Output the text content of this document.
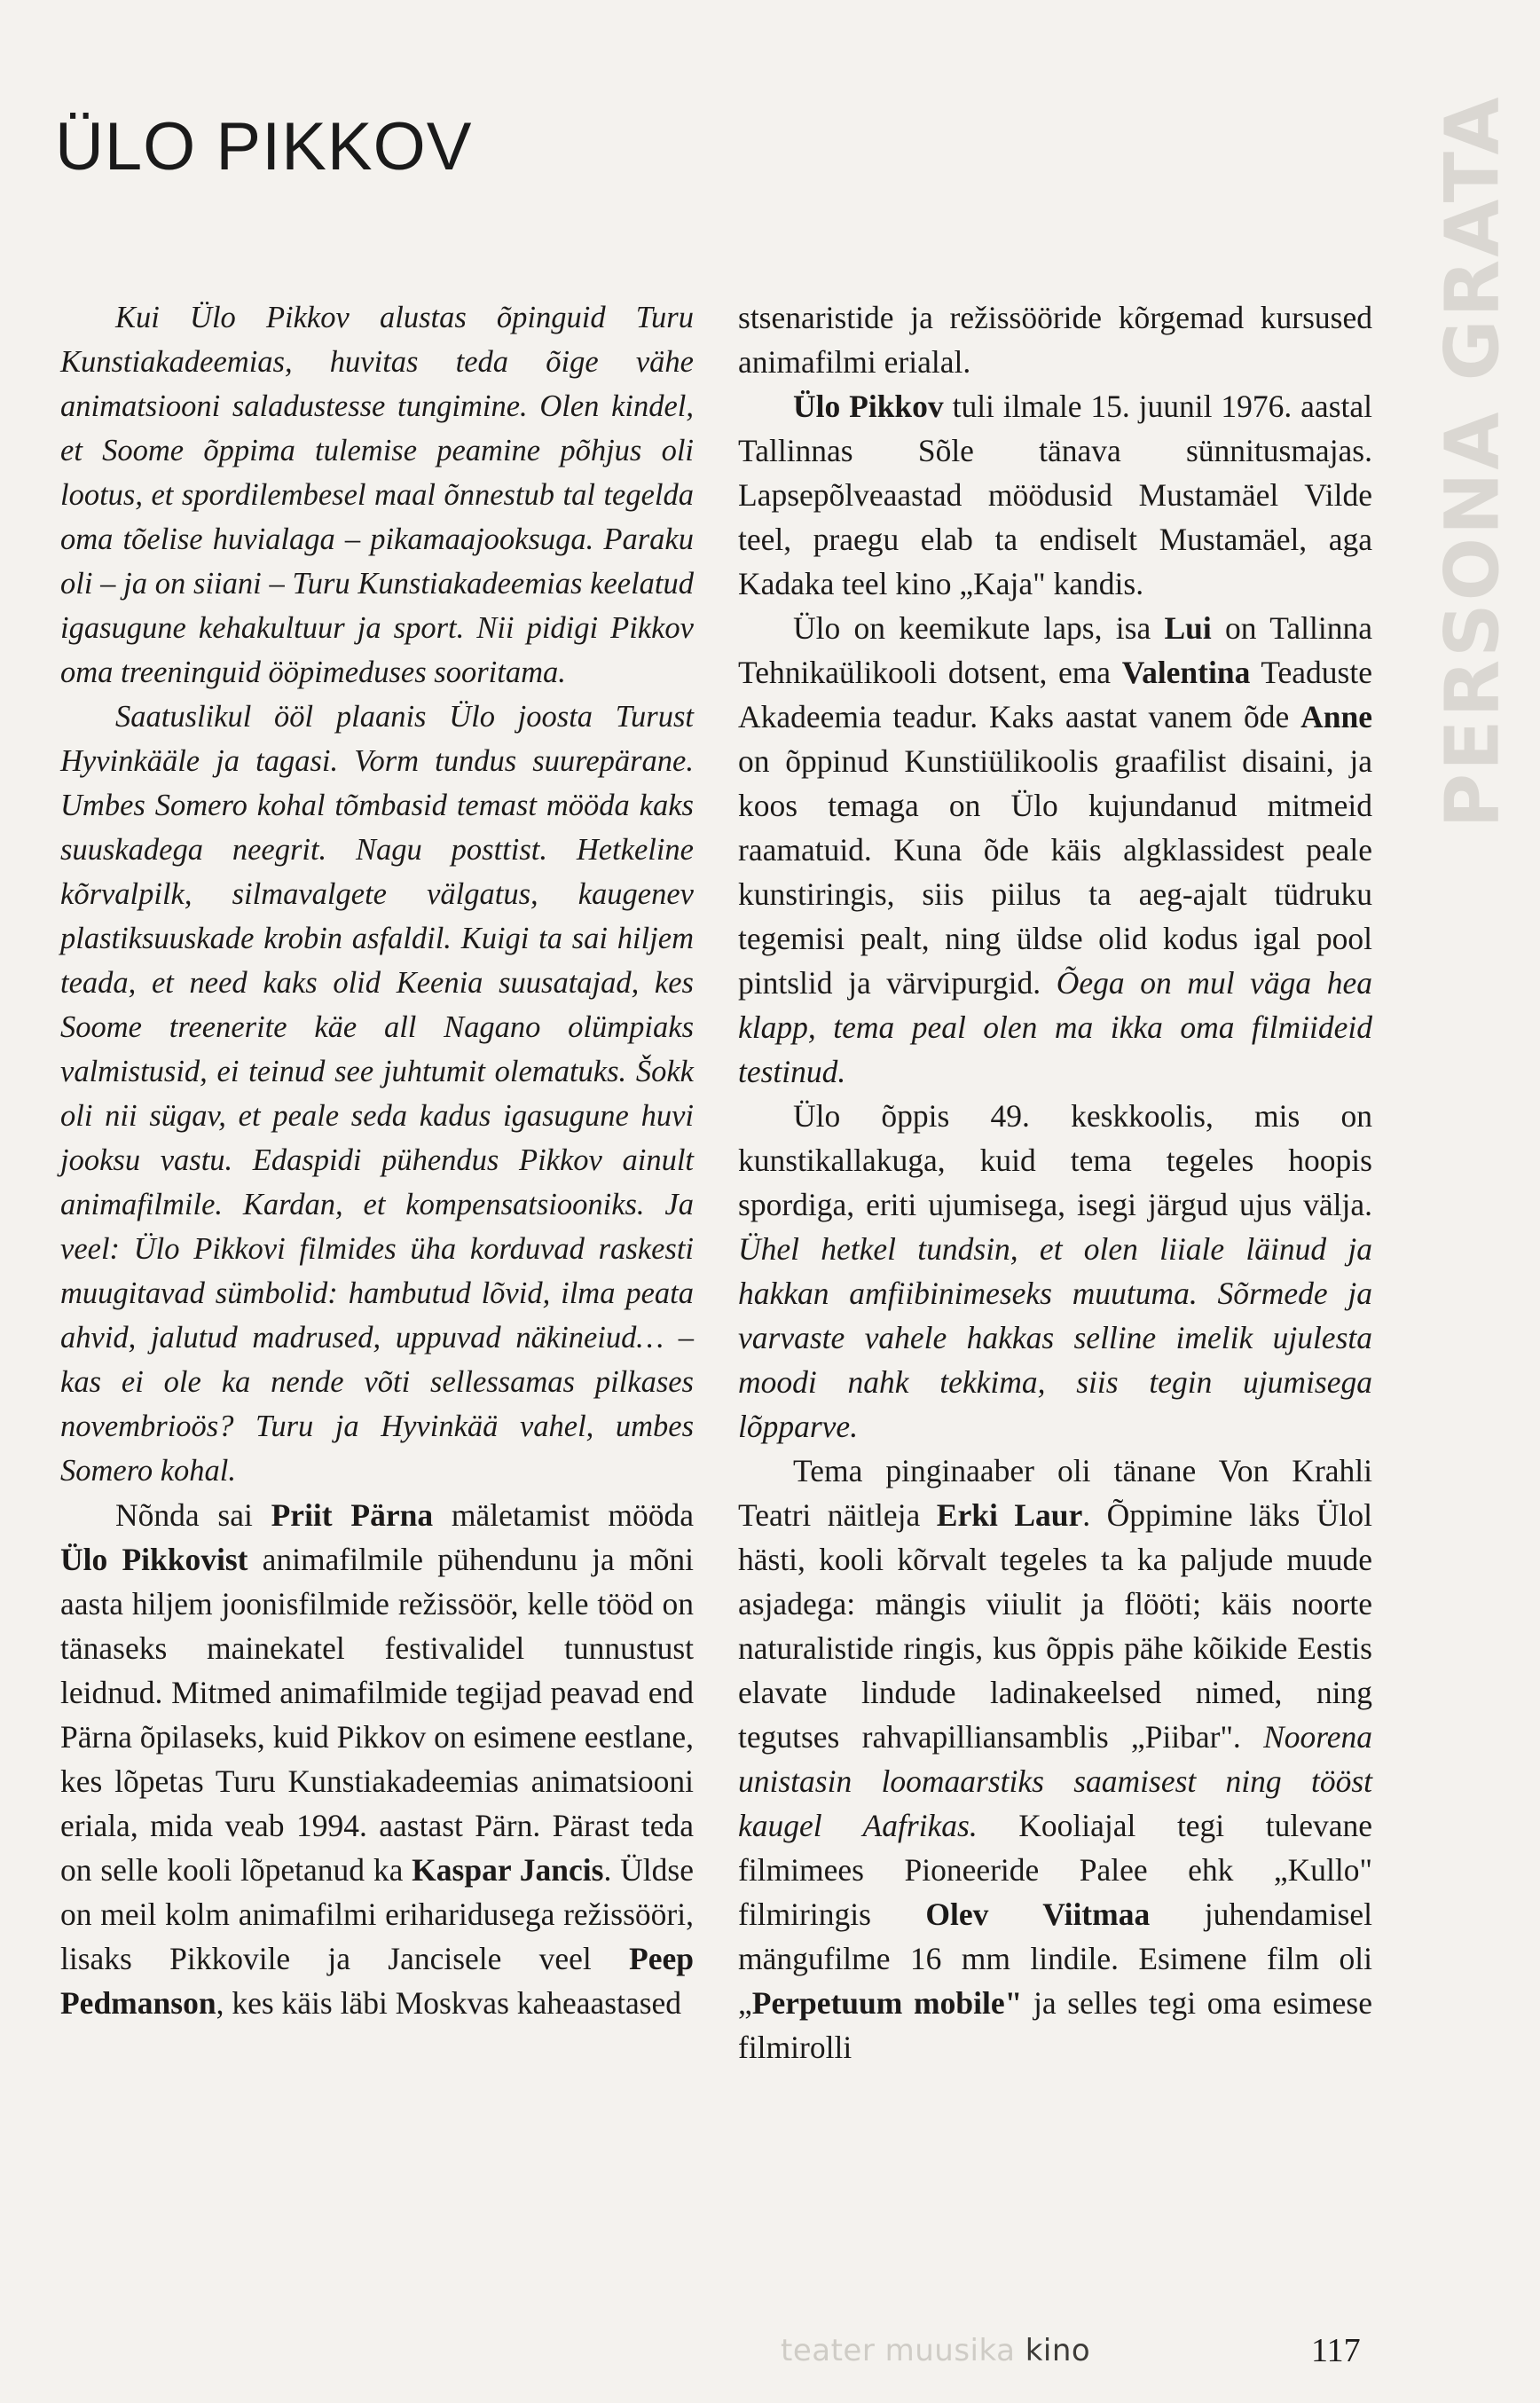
ÜLO PIKKOV	PERSONA GRATA

Kui Ülo Pikkov alustas õpinguid Turu Kunstiakadeemias, huvitas teda õige vähe animatsiooni saladustesse tungimine. Olen kindel, et Soome õppima tulemise peamine põhjus oli lootus, et spordilembesel maal õnnestub tal tegelda oma tõelise huvialaga – pikamaajooksuga. Paraku oli – ja on siiani – Turu Kunstiakadeemias keelatud igasugune kehakultuur ja sport. Nii pidigi Pikkov oma treeninguid ööpimeduses sooritama.

Saatuslikul ööl plaanis Ülo joosta Turust Hyvinkääle ja tagasi. Vorm tundus suurepärane. Umbes Somero kohal tõmbasid temast mööda kaks suuskadega neegrit. Nagu posttist. Hetkeline kõrvalpilk, silmavalgete välgatus, kaugenev plastiksuuskade krobin asfaldil. Kuigi ta sai hiljem teada, et need kaks olid Keenia suusatajad, kes Soome treenerite käe all Nagano olümpiaks valmistusid, ei teinud see juhtumit olematuks. Šokk oli nii sügav, et peale seda kadus igasugune huvi jooksu vastu. Edaspidi pühendus Pikkov ainult animafilmile. Kardan, et kompensatsiooniks. Ja veel: Ülo Pikkovi filmides üha korduvad raskesti muugitavad sümbolid: hambutud lõvid, ilma peata ahvid, jalutud madrused, uppuvad näkineiud… – kas ei ole ka nende võti sellessamas pilkases novembrioös? Turu ja Hyvinkää vahel, umbes Somero kohal.

Nõnda sai Priit Pärna mäletamist mööda Ülo Pikkovist animafilmile pühendunu ja mõni aasta hiljem joonisfilmide režissöör, kelle tööd on tänaseks mainekatel festivalidel tunnustust leidnud. Mitmed animafilmide tegijad peavad end Pärna õpilaseks, kuid Pikkov on esimene eestlane, kes lõpetas Turu Kunstiakadeemias animatsiooni eriala, mida veab 1994. aastast Pärn. Pärast teda on selle kooli lõpetanud ka Kaspar Jancis. Üldse on meil kolm animafilmi eriharidusega režissööri, lisaks Pikkovile ja Jancisele veel Peep Pedmanson, kes käis läbi Moskvas kaheaastased

stsenaristide ja režissööride kõrgemad kursused animafilmi erialal.

Ülo Pikkov tuli ilmale 15. juunil 1976. aastal Tallinnas Sõle tänava sünnitusmajas. Lapsepõlveaastad möödusid Mustamäel Vilde teel, praegu elab ta endiselt Mustamäel, aga Kadaka teel kino „Kaja" kandis.

Ülo on keemikute laps, isa Lui on Tallinna Tehnikaülikooli dotsent, ema Valentina Teaduste Akadeemia teadur. Kaks aastat vanem õde Anne on õppinud Kunstiülikoolis graafilist disaini, ja koos temaga on Ülo kujundanud mitmeid raamatuid. Kuna õde käis algklassidest peale kunstiringis, siis piilus ta aeg-ajalt tüdruku tegemisi pealt, ning üldse olid kodus igal pool pintslid ja värvipurgid. Õega on mul väga hea klapp, tema peal olen ma ikka oma filmiideid testinud.

Ülo õppis 49. keskkoolis, mis on kunstikallakuga, kuid tema tegeles hoopis spordiga, eriti ujumisega, isegi järgud ujus välja. Ühel hetkel tundsin, et olen liiale läinud ja hakkan amfiibinimeseks muutuma. Sõrmede ja varvaste vahele hakkas selline imelik ujulesta moodi nahk tekkima, siis tegin ujumisega lõpparve.

Tema pinginaaber oli tänane Von Krahli Teatri näitleja Erki Laur. Õppimine läks Ülol hästi, kooli kõrvalt tegeles ta ka paljude muude asjadega: mängis viiulit ja flööti; käis noorte naturalistide ringis, kus õppis pähe kõikide Eestis elavate lindude ladinakeelsed nimed, ning tegutses rahvapilliansamblis „Piibar". Noorena unistasin loomaarstiks saamisest ning tööst kaugel Aafrikas. Kooliajal tegi tulevane filmimees Pioneeride Palee ehk „Kullo" filmiringis Olev Viitmaa juhendamisel mängufilme 16 mm lindile. Esimene film oli „Perpetuum mobile" ja selles tegi oma esimese filmirolli

teater muusika kino	117
